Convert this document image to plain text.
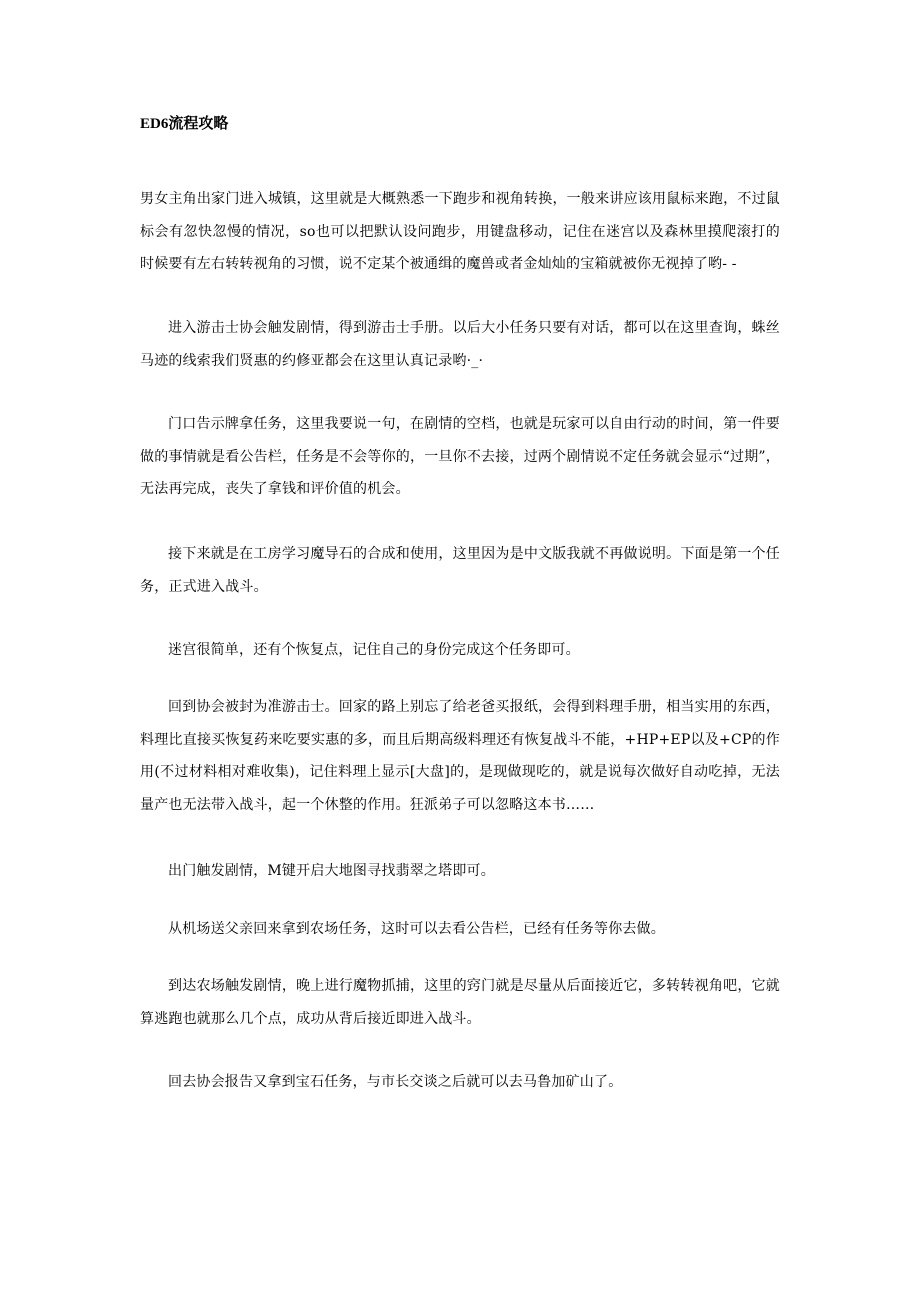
ED6流程攻略

男女主角出家门进入城镇，这里就是大概熟悉一下跑步和视角转换，一般来讲应该用鼠标来跑，不过鼠标会有忽快忽慢的情况，so也可以把默认设问跑步，用键盘移动，记住在迷宫以及森林里摸爬滚打的时候要有左右转转视角的习惯，说不定某个被通缉的魔兽或者金灿灿的宝箱就被你无视掉了哟- -

进入游击士协会触发剧情，得到游击士手册。以后大小任务只要有对话，都可以在这里查询，蛛丝马迹的线索我们贤惠的约修亚都会在这里认真记录哟·_·

门口告示牌拿任务，这里我要说一句，在剧情的空档，也就是玩家可以自由行动的时间，第一件要做的事情就是看公告栏，任务是不会等你的，一旦你不去接，过两个剧情说不定任务就会显示“过期”，无法再完成，丧失了拿钱和评价值的机会。

接下来就是在工房学习魔导石的合成和使用，这里因为是中文版我就不再做说明。下面是第一个任务，正式进入战斗。

迷宫很简单，还有个恢复点，记住自己的身份完成这个任务即可。

回到协会被封为准游击士。回家的路上别忘了给老爸买报纸，会得到料理手册，相当实用的东西，料理比直接买恢复药来吃要实惠的多，而且后期高级料理还有恢复战斗不能，+HP+EP以及+CP的作用(不过材料相对难收集)，记住料理上显示[大盘]的，是现做现吃的，就是说每次做好自动吃掉，无法量产也无法带入战斗，起一个休整的作用。狂派弟子可以忽略这本书……

出门触发剧情，M键开启大地图寻找翡翠之塔即可。

从机场送父亲回来拿到农场任务，这时可以去看公告栏，已经有任务等你去做。

到达农场触发剧情，晚上进行魔物抓捕，这里的窍门就是尽量从后面接近它，多转转视角吧，它就算逃跑也就那么几个点，成功从背后接近即进入战斗。

回去协会报告又拿到宝石任务，与市长交谈之后就可以去马鲁加矿山了。
